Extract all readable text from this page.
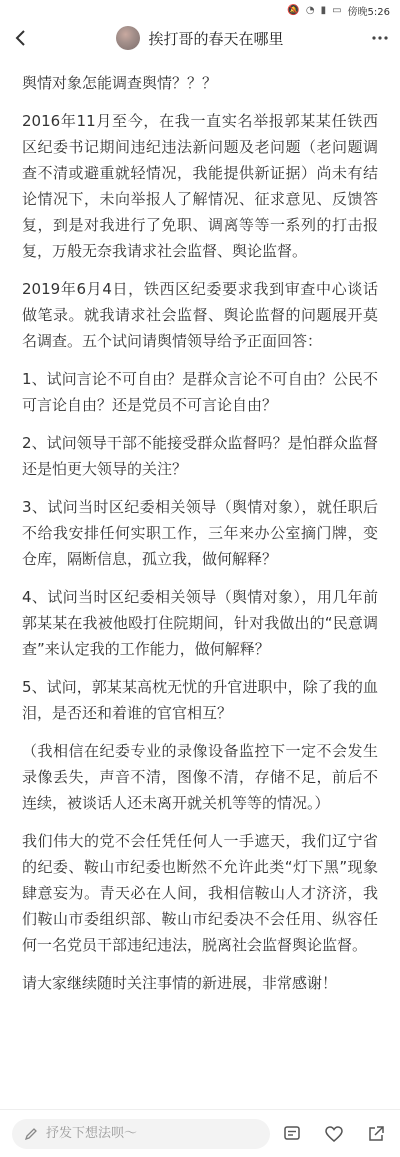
🔕 ◔ ▮ ▭ 傍晚5:26
挨打哥的春天在哪里

舆情对象怎能调查舆情？？？

2016年11月至今，在我一直实名举报郭某某任铁西区纪委书记期间违纪违法新问题及老问题（老问题调查不清或避重就轻情况，我能提供新证据）尚未有结论情况下，未向举报人了解情况、征求意见、反馈答复，到是对我进行了免职、调离等等一系列的打击报复，万般无奈我请求社会监督、舆论监督。

2019年6月4日，铁西区纪委要求我到审查中心谈话做笔录。就我请求社会监督、舆论监督的问题展开莫名调查。五个试问请舆情领导给予正面回答：

1、试问言论不可自由？是群众言论不可自由？公民不可言论自由？还是党员不可言论自由？

2、试问领导干部不能接受群众监督吗？是怕群众监督还是怕更大领导的关注？

3、试问当时区纪委相关领导（舆情对象），就任职后不给我安排任何实职工作，三年来办公室摘门牌，变仓库，隔断信息，孤立我，做何解释？

4、试问当时区纪委相关领导（舆情对象），用几年前郭某某在我被他殴打住院期间，针对我做出的“民意调查”来认定我的工作能力，做何解释？

5、试问，郭某某高枕无忧的升官进职中，除了我的血泪，是否还和着谁的官官相互？

（我相信在纪委专业的录像设备监控下一定不会发生录像丢失，声音不清，图像不清，存储不足，前后不连续，被谈话人还未离开就关机等等的情况。）

我们伟大的党不会任凭任何人一手遮天，我们辽宁省的纪委、鞍山市纪委也断然不允许此类“灯下黑”现象肆意妄为。青天必在人间，我相信鞍山人才济济，我们鞍山市委组织部、鞍山市纪委决不会任用、纵容任何一名党员干部违纪违法，脱离社会监督舆论监督。

请大家继续随时关注事情的新进展，非常感谢！

抒发下想法呗～
